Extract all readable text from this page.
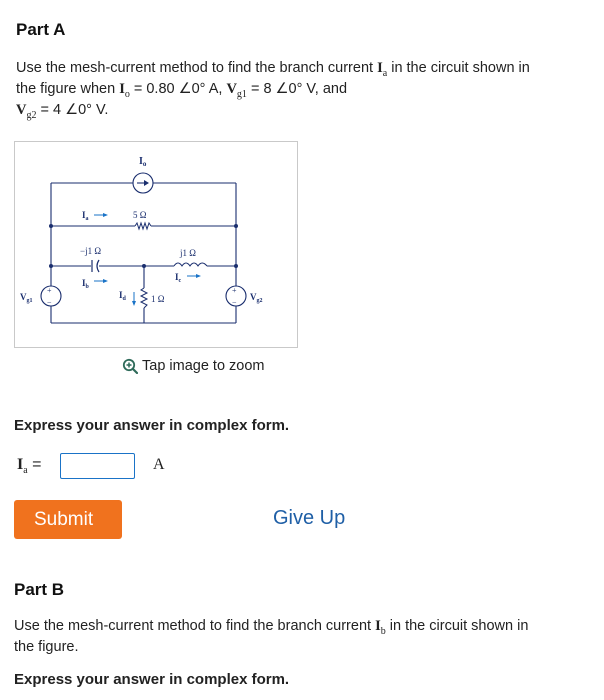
Part A
Use the mesh-current method to find the branch current $I_a$ in the circuit shown in
the figure when $I_o = 0.80$ ∠0° A, $V_{g1} = 8$ ∠0° V, and
$V_{g2} = 4$ ∠0° V.
$I_o$
5 Ω
$I_a$
−j1 Ω
$I_b$
j1 Ω
$I_c$
1 Ω
$I_d$
+
−
$V_{g1}$
+
−
$V_{g2}$
Tap image to zoom
Express your answer in complex form.
$I_a$ =	A
Submit	Give Up
Part B
Use the mesh-current method to find the branch current $I_b$ in the circuit shown in
the figure.
Express your answer in complex form.
